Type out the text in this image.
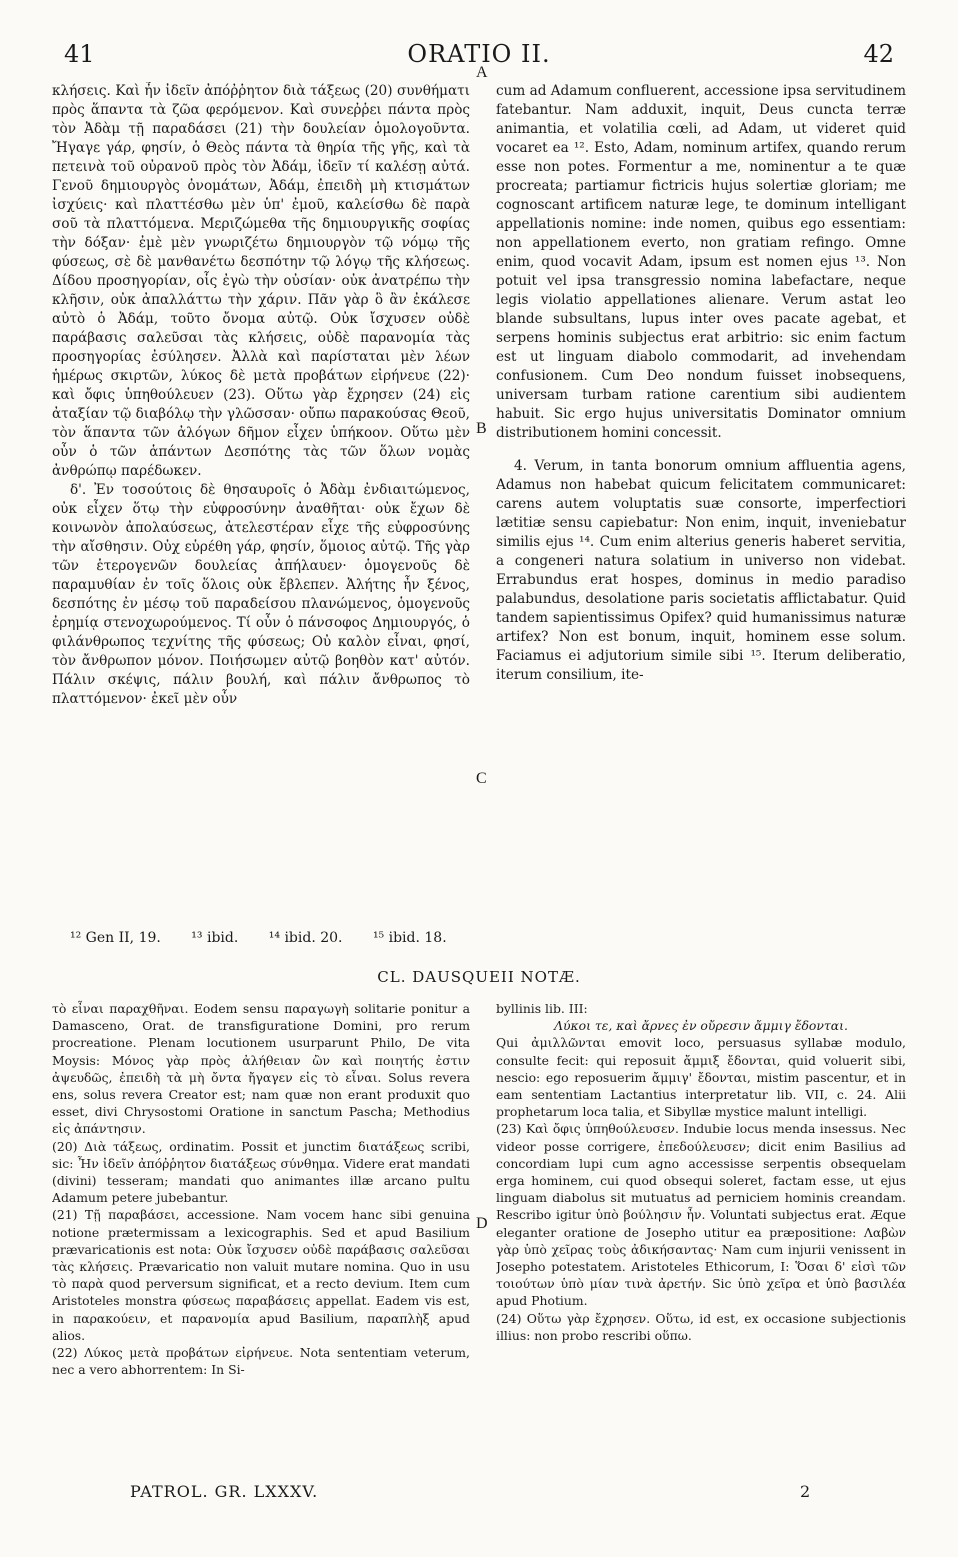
41	ORATIO II.	42

κλήσεις. Καὶ ἦν ἰδεῖν ἀπόῤῥητον διὰ τάξεως (20) συνθήματι πρὸς ἅπαντα τὰ ζῶα φερόμενον. Καὶ συνεῤῥει πάντα πρὸς τὸν Ἀδὰμ τῇ παραδάσει (21) τὴν δουλείαν ὁμολογοῦντα. Ἤγαγε γάρ, φησίν, ὁ Θεὸς πάντα τὰ θηρία τῆς γῆς, καὶ τὰ πετεινὰ τοῦ οὐρανοῦ πρὸς τὸν Ἀδάμ, ἰδεῖν τί καλέσῃ αὐτά. Γενοῦ δημιουργὸς ὀνομάτων, Ἀδάμ, ἐπειδὴ μὴ κτισμάτων ἰσχύεις· καὶ πλαττέσθω μὲν ὑπ' ἐμοῦ, καλείσθω δὲ παρὰ σοῦ τὰ πλαττόμενα. Μεριζώμεθα τῆς δημιουργικῆς σοφίας τὴν δόξαν· ἐμὲ μὲν γνωριζέτω δημιουργὸν τῷ νόμῳ τῆς φύσεως, σὲ δὲ μανθανέτω δεσπότην τῷ λόγῳ τῆς κλήσεως. Δίδου προσηγορίαν, οἷς ἐγὼ τὴν οὐσίαν· οὐκ ἀνατρέπω τὴν κλῆσιν, οὐκ ἀπαλλάττω τὴν χάριν. Πᾶν γὰρ ὃ ἂν ἐκάλεσε αὐτὸ ὁ Ἀδάμ, τοῦτο ὄνομα αὐτῷ. Οὐκ ἴσχυσεν οὐδὲ παράβασις σαλεῦσαι τὰς κλήσεις, οὐδὲ παρανομία τὰς προσηγορίας ἐσύλησεν. Ἀλλὰ καὶ παρίσταται μὲν λέων ἡμέρως σκιρτῶν, λύκος δὲ μετὰ προβάτων εἰρήνευε (22)· καὶ ὄφις ὑπηθούλευεν (23). Οὕτω γὰρ ἔχρησεν (24) εἰς ἀταξίαν τῷ διαβόλῳ τὴν γλῶσσαν· οὔπω παρακούσας Θεοῦ, τὸν ἅπαντα τῶν ἀλόγων δῆμον εἶχεν ὑπήκοον. Οὕτω μὲν οὖν ὁ τῶν ἁπάντων Δεσπότης τὰς τῶν ὅλων νομὰς ἀνθρώπῳ παρέδωκεν.

δ'. Ἐν τοσούτοις δὲ θησαυροῖς ὁ Ἀδὰμ ἐνδιαιτώμενος, οὐκ εἶχεν ὅτῳ τὴν εὐφροσύνην ἀναθῆται· οὐκ ἔχων δὲ κοινωνὸν ἀπολαύσεως, ἀτελεστέραν εἶχε τῆς εὐφροσύνης τὴν αἴσθησιν. Οὐχ εὑρέθη γάρ, φησίν, ὅμοιος αὐτῷ. Τῆς γὰρ τῶν ἑτερογενῶν δουλείας ἀπήλαυεν· ὁμογενοῦς δὲ παραμυθίαν ἐν τοῖς ὅλοις οὐκ ἔβλεπεν. Ἀλήτης ἦν ξένος, δεσπότης ἐν μέσῳ τοῦ παραδείσου πλανώμενος, ὁμογενοῦς ἐρημίᾳ στενοχωρούμενος. Τί οὖν ὁ πάνσοφος Δημιουργός, ὁ φιλάνθρωπος τεχνίτης τῆς φύσεως; Οὐ καλὸν εἶναι, φησί, τὸν ἄνθρωπον μόνον. Ποιήσωμεν αὐτῷ βοηθὸν κατ' αὐτόν. Πάλιν σκέψις, πάλιν βουλή, καὶ πάλιν ἄνθρωπος τὸ πλαττόμενον· ἐκεῖ μὲν οὖν

A
B
C
D

cum ad Adamum confluerent, accessione ipsa servitudinem fatebantur. Nam adduxit, inquit, Deus cuncta terræ animantia, et volatilia cœli, ad Adam, ut videret quid vocaret ea ¹². Esto, Adam, nominum artifex, quando rerum esse non potes. Formentur a me, nominentur a te quæ procreata; partiamur fictricis hujus solertiæ gloriam; me cognoscant artificem naturæ lege, te dominum intelligant appellationis nomine: inde nomen, quibus ego essentiam: non appellationem everto, non gratiam refingo. Omne enim, quod vocavit Adam, ipsum est nomen ejus ¹³. Non potuit vel ipsa transgressio nomina labefactare, neque legis violatio appellationes alienare. Verum astat leo blande subsultans, lupus inter oves pacate agebat, et serpens hominis subjectus erat arbitrio: sic enim factum est ut linguam diabolo commodarit, ad invehendam confusionem. Cum Deo nondum fuisset inobsequens, universam turbam ratione carentium sibi audientem habuit. Sic ergo hujus universitatis Dominator omnium distributionem homini concessit.

4. Verum, in tanta bonorum omnium affluentia agens, Adamus non habebat quicum felicitatem communicaret: carens autem voluptatis suæ consorte, imperfectiori lætitiæ sensu capiebatur: Non enim, inquit, inveniebatur similis ejus ¹⁴. Cum enim alterius generis haberet servitia, a congeneri natura solatium in universo non videbat. Errabundus erat hospes, dominus in medio paradiso palabundus, desolatione paris societatis afflictabatur. Quid tandem sapientissimus Opifex? quid humanissimus naturæ artifex? Non est bonum, inquit, hominem esse solum. Faciamus ei adjutorium simile sibi ¹⁵. Iterum deliberatio, iterum consilium, ite-

¹² Gen II, 19. ¹³ ibid. ¹⁴ ibid. 20. ¹⁵ ibid. 18.
CL. DAUSQUEII NOTÆ.

τὸ εἶναι παραχθῆναι. Eodem sensu παραγωγὴ solitarie ponitur a Damasceno, Orat. de transfiguratione Domini, pro rerum procreatione. Plenam locutionem usurparunt Philo, De vita Moysis: Μόνος γὰρ πρὸς ἀλήθειαν ὢν καὶ ποιητής ἐστιν ἀψευδῶς, ἐπειδὴ τὰ μὴ ὄντα ἤγαγεν εἰς τὸ εἶναι. Solus revera ens, solus revera Creator est; nam quæ non erant produxit quo esset, divi Chrysostomi Oratione in sanctum Pascha; Methodius εἰς ἀπάντησιν.

(20) Διὰ τάξεως, ordinatim. Possit et junctim διατάξεως scribi, sic: Ἦν ἰδεῖν ἀπόῤῥητον διατάξεως σύνθημα. Videre erat mandati (divini) tesseram; mandati quo animantes illæ arcano pultu Adamum petere jubebantur.

(21) Τῇ παραβάσει, accessione. Nam vocem hanc sibi genuina notione prætermissam a lexicographis. Sed et apud Basilium prævaricationis est nota: Οὐκ ἴσχυσεν οὐδὲ παράβασις σαλεῦσαι τὰς κλήσεις. Prævaricatio non valuit mutare nomina. Quo in usu τὸ παρὰ quod perversum significat, et a recto devium. Item cum Aristoteles monstra φύσεως παραβάσεις appellat. Eadem vis est, in παρακούειν, et παρανομία apud Basilium, παραπλὴξ apud alios.

(22) Λύκος μετὰ προβάτων εἰρήνευε. Nota sententiam veterum, nec a vero abhorrentem: In Si-

byllinis lib. III:

Λύκοι τε, καὶ ἄρνες ἐν οὔρεσιν ἄμμιγ ἔδονται.

Qui ἀμιλλῶνται emovit loco, persuasus syllabæ modulo, consulte fecit: qui reposuit ἄμμιξ ἔδονται, quid voluerit sibi, nescio: ego reposuerim ἄμμιγ' ἔδονται, mistim pascentur, et in eam sententiam Lactantius interpretatur lib. VII, c. 24. Alii prophetarum loca talia, et Sibyllæ mystice malunt intelligi.

(23) Καὶ ὄφις ὑπηθούλευσεν. Indubie locus menda insessus. Nec videor posse corrigere, ἐπεδούλευσεν; dicit enim Basilius ad concordiam lupi cum agno accessisse serpentis obsequelam erga hominem, cui quod obsequi soleret, factam esse, ut ejus linguam diabolus sit mutuatus ad perniciem hominis creandam. Rescribo igitur ὑπὸ βούλησιν ἦν. Voluntati subjectus erat. Æque eleganter oratione de Josepho utitur ea præpositione: Λαβὼν γὰρ ὑπὸ χεῖρας τοὺς ἀδικήσαντας· Nam cum injurii venissent in Josepho potestatem. Aristoteles Ethicorum, I: Ὅσαι δ' εἰσὶ τῶν τοιούτων ὑπὸ μίαν τινὰ ἀρετήν. Sic ὑπὸ χεῖρα et ὑπὸ βασιλέα apud Photium.

(24) Οὕτω γὰρ ἔχρησεν. Οὕτω, id est, ex occasione subjectionis illius: non probo rescribi οὕπω.

PATROL. GR. LXXXV.	2
